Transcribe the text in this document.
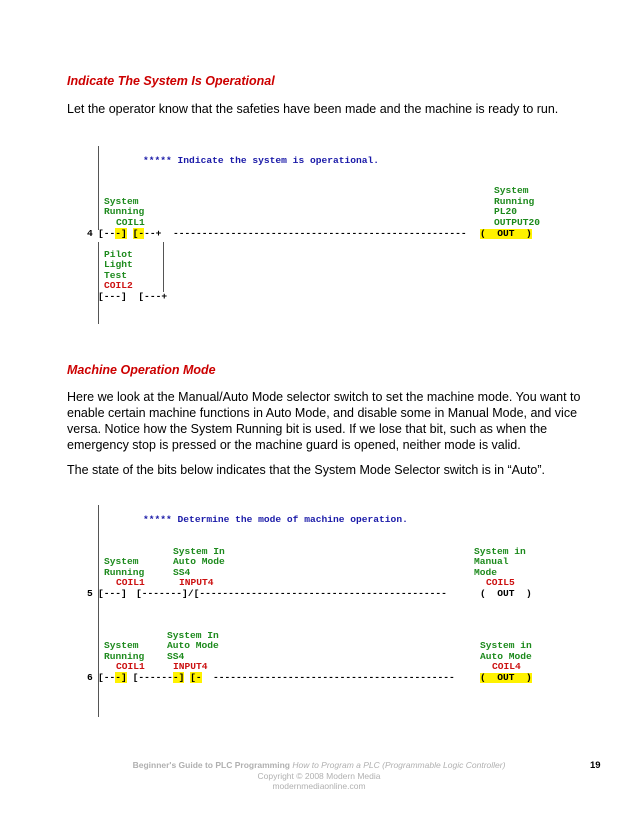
Indicate The System Is Operational
Let the operator know that the safeties have been made and the machine is ready to run.
***** Indicate the system is operational.
System
Running
COIL1
System
Running
PL20
OUTPUT20
4 [---] [---+ --------------------------------------------------- (  OUT  )
Pilot
Light
Test
COIL2
[---]  [---+
Machine Operation Mode
Here we look at the Manual/Auto Mode selector switch to set the machine mode. You want to enable certain machine functions in Auto Mode, and disable some in Manual Mode, and vice versa. Notice how the System Running bit is used. If we lose that bit, such as when the emergency stop is pressed or the machine guard is opened, neither mode is valid.
The state of the bits below indicates that the System Mode Selector switch is in “Auto”.
***** Determine the mode of machine operation.
System In
Auto Mode
SS4
INPUT4
System
Running
COIL1
System in
Manual
Mode
COIL5
5 [---] [-------]/[-------------------------------------------	(  OUT  )
System In
Auto Mode
SS4
INPUT4
System
Running
COIL1
System in
Auto Mode
COIL4
6 [---] [-------] [- ------------------------------------------	(  OUT  )
Beginner's Guide to PLC Programming How to Program a PLC (Programmable Logic Controller)
Copyright © 2008 Modern Media
modernmediaonline.com
19
